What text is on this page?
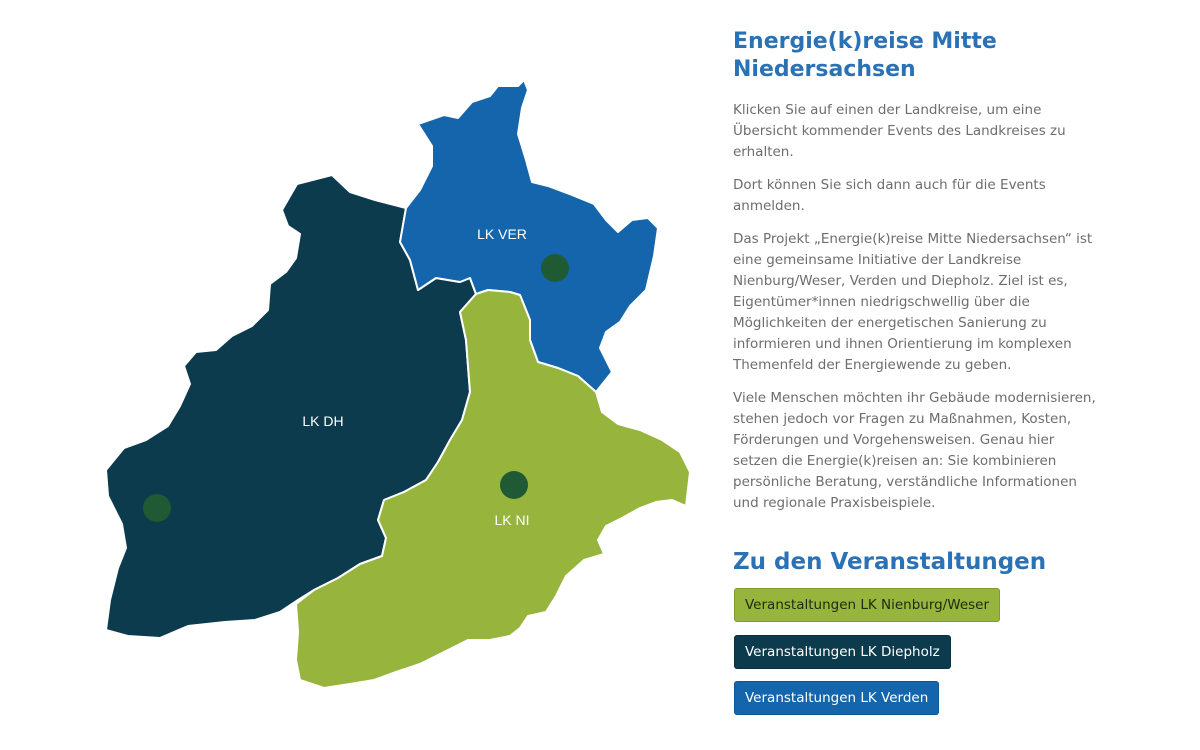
LK VER
LK DH
LK NI
Energie(k)reise Mitte Niedersachsen

Klicken Sie auf einen der Landkreise, um eine Übersicht kommender Events des Landkreises zu erhalten.

Dort können Sie sich dann auch für die Events anmelden.

Das Projekt „Energie(k)reise Mitte Niedersachsen“ ist eine gemeinsame Initiative der Landkreise Nienburg/Weser, Verden und Diepholz. Ziel ist es, Eigentümer*innen niedrigschwellig über die Möglichkeiten der energetischen Sanierung zu informieren und ihnen Orientierung im komplexen Themenfeld der Energiewende zu geben.

Viele Menschen möchten ihr Gebäude modernisieren, stehen jedoch vor Fragen zu Maßnahmen, Kosten, Förderungen und Vorgehensweisen. Genau hier setzen die Energie(k)reisen an: Sie kombinieren persönliche Beratung, verständliche Informationen und regionale Praxisbeispiele.

Zu den Veranstaltungen
Veranstaltungen LK Nienburg/Weser
Veranstaltungen LK Diepholz
Veranstaltungen LK Verden
